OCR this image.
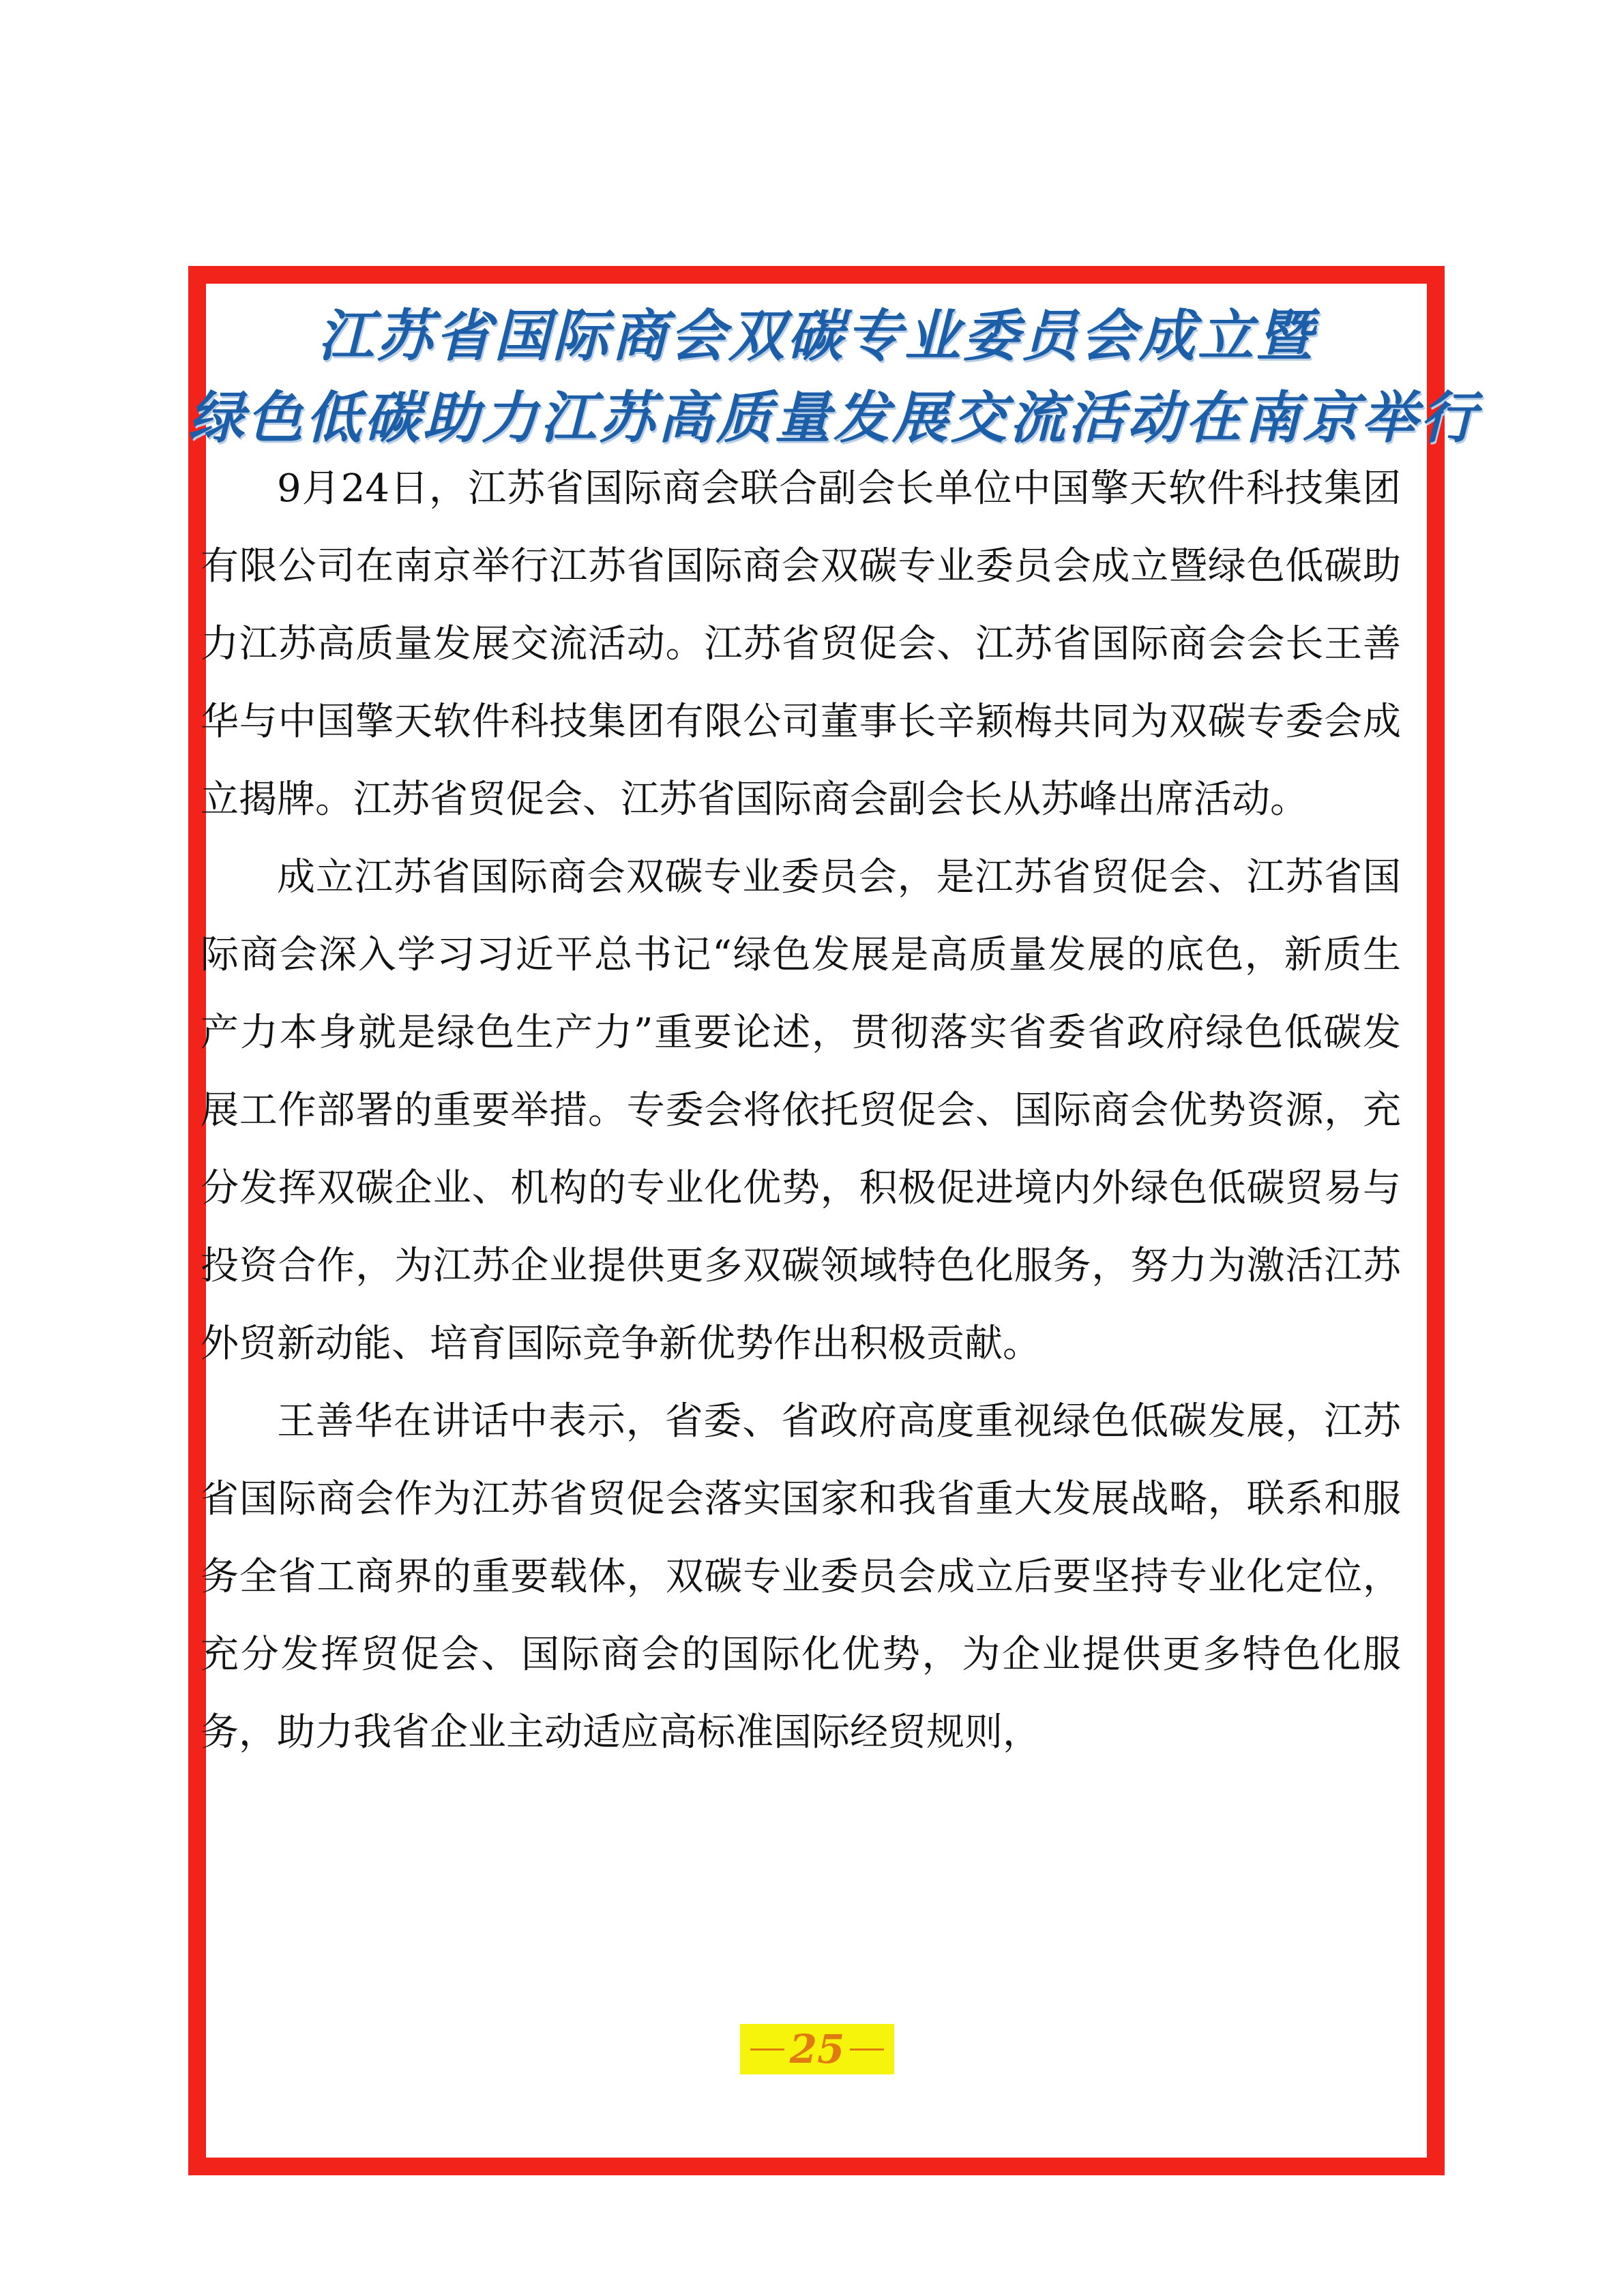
江苏省国际商会双碳专业委员会成立暨
绿色低碳助力江苏高质量发展交流活动在南京举行

9月24日，江苏省国际商会联合副会长单位中国擎天软件科技集团有限公司在南京举行江苏省国际商会双碳专业委员会成立暨绿色低碳助力江苏高质量发展交流活动。江苏省贸促会、江苏省国际商会会长王善华与中国擎天软件科技集团有限公司董事长辛颖梅共同为双碳专委会成立揭牌。江苏省贸促会、江苏省国际商会副会长从苏峰出席活动。

成立江苏省国际商会双碳专业委员会，是江苏省贸促会、江苏省国际商会深入学习习近平总书记“绿色发展是高质量发展的底色，新质生产力本身就是绿色生产力”重要论述，贯彻落实省委省政府绿色低碳发展工作部署的重要举措。专委会将依托贸促会、国际商会优势资源，充分发挥双碳企业、机构的专业化优势，积极促进境内外绿色低碳贸易与投资合作，为江苏企业提供更多双碳领域特色化服务，努力为激活江苏外贸新动能、培育国际竞争新优势作出积极贡献。

王善华在讲话中表示，省委、省政府高度重视绿色低碳发展，江苏省国际商会作为江苏省贸促会落实国家和我省重大发展战略，联系和服务全省工商界的重要载体，双碳专业委员会成立后要坚持专业化定位，充分发挥贸促会、国际商会的国际化优势，为企业提供更多特色化服务，助力我省企业主动适应高标准国际经贸规则，

25
